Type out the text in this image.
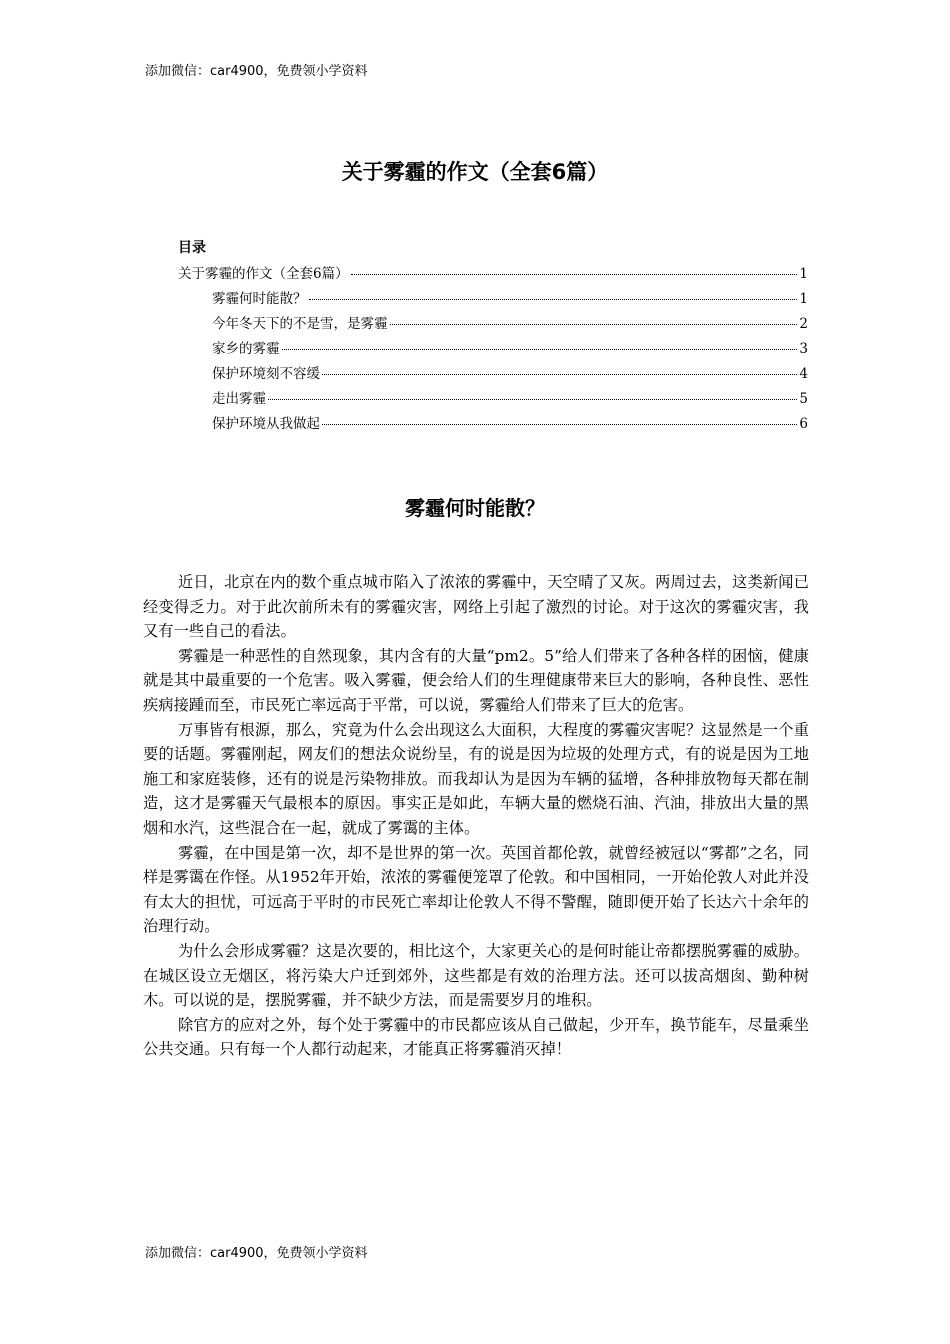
添加微信：car4900，免费领小学资料
关于雾霾的作文（全套6篇）
目录
关于雾霾的作文（全套6篇）	1
雾霾何时能散？	1
今年冬天下的不是雪，是雾霾	2
家乡的雾霾	3
保护环境刻不容缓	4
走出雾霾	5
保护环境从我做起	6
雾霾何时能散？

近日，北京在内的数个重点城市陷入了浓浓的雾霾中，天空晴了又灰。两周过去，这类新闻已经变得乏力。对于此次前所未有的雾霾灾害，网络上引起了激烈的讨论。对于这次的雾霾灾害，我又有一些自己的看法。

雾霾是一种恶性的自然现象，其内含有的大量“pm2。5”给人们带来了各种各样的困恼，健康就是其中最重要的一个危害。吸入雾霾，便会给人们的生理健康带来巨大的影响，各种良性、恶性疾病接踵而至，市民死亡率远高于平常，可以说，雾霾给人们带来了巨大的危害。

万事皆有根源，那么，究竟为什么会出现这么大面积，大程度的雾霾灾害呢？这显然是一个重要的话题。雾霾刚起，网友们的想法众说纷呈，有的说是因为垃圾的处理方式，有的说是因为工地施工和家庭装修，还有的说是污染物排放。而我却认为是因为车辆的猛增，各种排放物每天都在制造，这才是雾霾天气最根本的原因。事实正是如此，车辆大量的燃烧石油、汽油，排放出大量的黑烟和水汽，这些混合在一起，就成了雾霭的主体。

雾霾，在中国是第一次，却不是世界的第一次。英国首都伦敦，就曾经被冠以“雾都”之名，同样是雾霭在作怪。从1952年开始，浓浓的雾霾便笼罩了伦敦。和中国相同，一开始伦敦人对此并没有太大的担忧，可远高于平时的市民死亡率却让伦敦人不得不警醒，随即便开始了长达六十余年的治理行动。

为什么会形成雾霾？这是次要的，相比这个，大家更关心的是何时能让帝都摆脱雾霾的威胁。在城区设立无烟区，将污染大户迁到郊外，这些都是有效的治理方法。还可以拔高烟囱、勤种树木。可以说的是，摆脱雾霾，并不缺少方法，而是需要岁月的堆积。

除官方的应对之外，每个处于雾霾中的市民都应该从自己做起，少开车，换节能车，尽量乘坐公共交通。只有每一个人都行动起来，才能真正将雾霾消灭掉！

添加微信：car4900，免费领小学资料
